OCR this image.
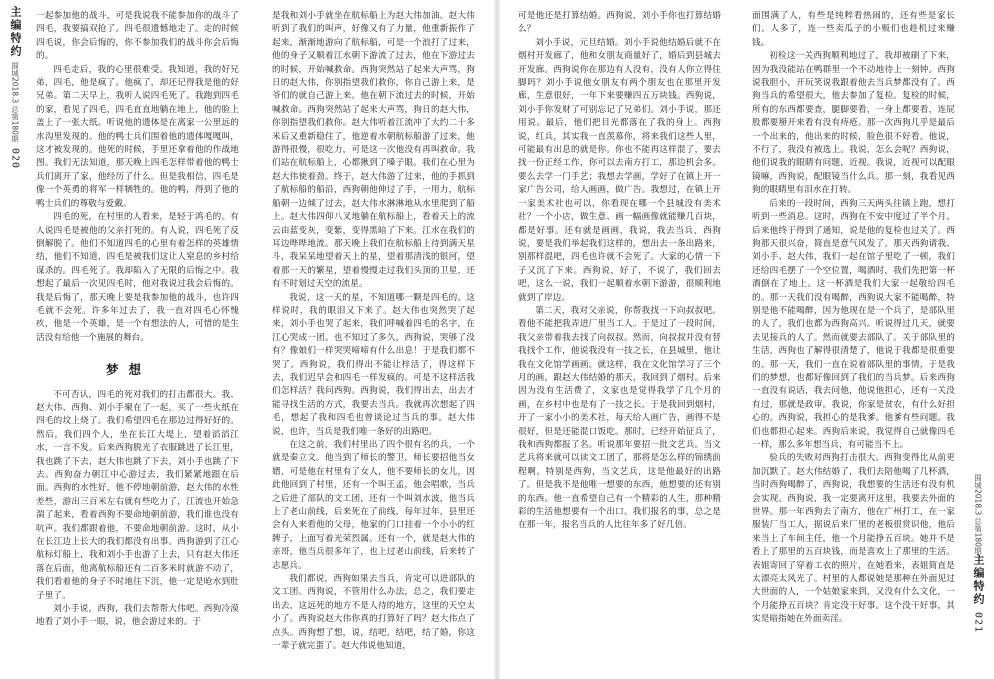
主编特约
围城2018.3 总第180期
020
围城2018.3 总第180期
主编特约
021

一起参加他的战斗，可是我说我不能参加你的战斗了四毛，我要搞双抢了。四毛很遗憾地走了。走的时候四毛说，你会后悔的，你不参加我们的战斗你会后悔的。

四毛走后，我的心里很难受。我知道，我的好兄弟，四毛，他是疯了。他疯了，却还记得我是他的好兄弟。第二天早上，我听人说四毛死了。我跑到四毛的家，看见了四毛，四毛直直地躺在地上，他的脸上盖上了一张大纸。听说他的遗体是在离家一公里远的水沟里发现的。他的鸭士兵们围着他的遗体嘎嘎叫，这才被发现的。他死的时候，手里还拿着他的作战地图。我们无法知道，那天晚上四毛怎样带着他的鸭士兵们离开了家，他经历了什么。但是我相信，四毛是像一个英勇的将军一样牺牲的。他的鸭，得到了他的鸭士兵们的尊敬与爱戴。

四毛的死，在村里的人看来，是轻于鸿毛的。有人说四毛是被他的父亲打死的。有人说，四毛死了反倒解脱了。他们不知道四毛的心里有着怎样的英雄情结，他们不知道，四毛是被我们这让人窒息的乡村给谋杀的。四毛死了。我却陷入了无限的后悔之中。我想起了最后一次见四毛时，他对我说过我会后悔的。我是后悔了，那天晚上要是我参加他的战斗，也许四毛就不会死。许多年过去了，我一直对四毛心怀愧疚，他是一个英雄，是一个有想法的人，可惜的是生活没有给他一个施展的舞台。

梦想

不可否认，四毛的死对我们的打击都很大。我、赵大伟、西狗、刘小手聚在了一起，买了一些火纸在四毛的坟上烧了。我们希望四毛在那边过得好好的。然后，我们四个人，坐在长江大堤上，望着滔滔江水，一言不发。后来西狗脱光了衣服跳进了长江里，我也跳了下去，赵大伟也跳了下去，刘小手也跳了下去。西狗奋力朝江中心游过去，我们紧紧地跟在后面。西狗的水性好，他不停地朝前游，赵大伟的水性差些，游出三百米左右就有些吃力了，江流也开始急湍了起来，看着西狗不要命地朝前游，我们谁也没有吭声。我们都跟着他，不要命地朝前游。这时，从小在长江边上长大的我们都没有出事。西狗游到了江心航标灯船上，我和刘小手也游了上去，只有赵大伟还落在后面，他离航标船还有二百多米时就游不动了，我们看着他的身子不时地往下沉，他一定是呛水到肚子里了。

刘小手说，西狗，我们去帮帮大伟吧。西狗冷漠地看了刘小手一眼，说，他会游过来的。于

是我和刘小手就坐在航标船上为赵大伟加油。赵大伟听到了我们的叫声，好像又有了力量，他重新振作了起来，渐渐地游向了航标船，可是一个浪打了过来，他的身子又顺着江水朝下游流了过去，他在下游过去的时候，开始喊救命。西狗突然站了起来大声骂，狗日的赵大伟，你别指望我们救你，你自己游上来，是爷们的就自己游上来。他在朝下流过去的时候，开始喊救命。西狗突然站了起来大声骂，狗日的赵大伟，你别指望我们救你。赵大伟听着江流冲了大约二十多米后又重新稳住了，他逆着水朝航标船游了过来，他游得很慢，很吃力，可是这一次他没有再叫救命。我们站在航标船上，心都揪到了嗓子眼。我们在心里为赵大伟使着劲。终于，赵大伟游了过来，他的手抓到了航标船的船沿，西狗朝他伸过了手，一用力，航标船朝一边倾了过去，赵大伟水淋淋地从水里爬到了船上。赵大伟四仰八叉地躺在航标船上，看着天上的流云由蓝变灰，变紫，变得黑暗了下来。江水在我们的耳边哗哗地流。那天晚上我们在航标船上待到满天星斗，我呆呆地望着天上的星，望着那清浅的银河，望着那一天的繁星，望着慢慢走过我们头顶的卫星，还有不时划过天空的流星。

我说，这一天的星，不知道哪一颗是四毛的。这样说时，我的眼泪又下来了。赵大伟也突然哭了起来，刘小手也哭了起来，我们呼喊着四毛的名字，在江心哭成一团。也不知过了多久，西狗说，哭够了没有？像娘们一样哭哭啼啼有什么出息！于是我们都不哭了。西狗说，我们得出不能让梓活了，得这样下去，我们迟早会和四毛一样发疯的。可是不这样活我们怎样活？我问西狗。西狗说，我们得出去，出去才能寻找生活的方式，我要去当兵。我就再次想起了四毛，想起了我和四毛也曾谈论过当兵的事。赵大伟说，也许，当兵是我们唯一条好的出路吧。

在这之前，我们村里出了四个很有名的兵，一个就是秦立文。他当到了师长的警卫，师长要招他当女婿，可是他在村里有了女人，他不要师长的女儿，因此他回到了村里，还有一个叫王孟，他会唱歌，当兵之后进了部队的文工团，还有一个叫刘水波，他当兵上了老山前线，后来死在了前线，每年过年，县里还会有人来看他的父母，他家的门口挂着一个小小的红牌子，上面写着光荣烈属。还有一个，就是赵大伟的亲哥，他当兵很多年了，也上过老山前线，后来转了志愿兵。

我们都说，西狗如果去当兵，肯定可以进部队的文工团。西狗说，不管用什么办法，总之，我们要走出去，这远死的地方不是人待的地方，这里的天空太小了。西狗说赵大伟你真的打算好了吗？赵大伟点了点头。西狗想了想，说，结吧，结吧，结了婚，你这一辈子就完蛋了。赵大伟说他知道，

可是他还是打算结婚。西狗说，刘小手你也打算结婚么？

刘小手说，元旦结婚。刘小手说他结婚后就不在烟村开发廊了，他和女朋友商量好了，婚后到县城去开发廊。西狗说你在那边有人没有，没有人你立得住脚吗？刘小手说他女朋友有两个朋友也在那里开发廊，生意很好，一年下来要赚四五万块钱。西狗说，刘小手你发财了可别忘记了兄弟们。刘小手说，那还用说。最后，他们把目光都落在了我的身上。西狗说，红兵，其实我一直羡慕你，将来我们这些人里，可能最有出息的就是你。你也不能再这样混了，要去找一份正经工作，你可以去南方打工，那边机会多。要么去学一门手艺；我想去学画，学好了在镇上开一家广告公司，给人画画，做广告。我想过，在镇上开一家美术社也可以，你看现在哪一个县城没有美术社？一个小店，做生意、画一幅画像就能赚几百块，都是好事。还有就是画画，我说，我去当兵，西狗说，要是我们举起我们这样的，想出去一条出路来，别那样混吧，四毛也许就不会死了。大家的心情一下子又沉了下来。西狗说，好了，不说了，我们回去吧，这么一说，我们一起顺着水朝下游游，很顺利地就到了岸边。

第二天，我对父亲说，你帮我找一下向叔叔吧。看他不能把我弄进厂里当工人。于是过了一段时间，我父亲带着我去找了向叔叔。然而，向叔叔并没有替我找个工作，他说我没有一技之长，在县城里，他让我在文化馆学画画。就这样，我在文化馆学习了三个月的画，跟赵大伟结婚的那天，我回到了烟村。后来因为没有生活费了，文家也是觉得我学了几个月的画，在乡村中也是有了一技之长。于是我回到烟村，开了一家小小的美术社，每天给人画广告，画得不是很好，但是还能混口饭吃。那时，已经开始征兵了，我和西狗都报了名。听说那年要招一批文艺兵。当文艺兵将来就可以读文工团了，那将是怎么样的锦绣前程啊。特别是西狗，当文艺兵，这是他最好的出路了。但是我不是他唯一想要的东西，他想要的还有别的东西。他一直希望自己有一个精彩的人生，那种精彩的生活他想要有一个出口。我们报名的事，总之是在那一年，报名当兵的人比往年多了好几倍。

面围满了人，有些是纯粹看热闹的，还有些是家长们。人多了，连一些卖瓜子的小贩们也趁机过来赚钱。

初检这一关西狗顺利地过了，我却被刷了下来，因为我没能站在鸭群里一个不动地待上一刻钟。西狗说我胆小，开玩笑说我跟着他去当兵梦都没有了。西狗当兵的希望很大，他去参加了复检。复检的时候，所有的东西都要查，腿脚要看，一身上都要看，连屁股都要掰开来看有没有痔疮。那一次西狗几乎是最后一个出来的，他出来的时候，脸色很不好看。他说，不行了，我没有被选上。我说，怎么会呢？西狗说，他们说我的眼睛有问题，近视。我说，近视可以配眼镜嘛，西狗说，配眼镜当什么兵。那一刻，我看见西狗的眼睛里有泪水在打转。

后来的一段时间，西狗三天两头往镇上跑，想打听到一些消息。这时，西狗在不安中度过了半个月。后来他终于得到了通知，说是他的复检也过关了。西狗那天很兴奋，简直是意气风发了。那天西狗请我、刘小手、赵大伟，我们一起在馆子里吃了一顿，我们还给四毛摆了一个空位置，喝酒时，我们先把第一杯酒倒在了地上。这一杯酒是我们大家一起敬给四毛的。那一天我们没有喝醉，西狗说大家不能喝醉，特别是他不能喝醉，因为他现在是一个兵了，是部队里的人了，我们也都为西狗高兴。听说得过几天，就要去见接兵的人了。然而就要去部队了。关于部队里的生活，西狗也了解得很清楚了，他说于我都是很重要的。那一天，我们一直在说着部队里的事情，于是我们的梦想，也都好像回到了我们的当兵梦。后来西狗一直没有说话，我去问他，他说他担心，还有一关没有过，那就是政审。我说，你家是贫农，有什么好担心的。西狗说，我担心的是我爹。他爹有些问题。我们也都担心起来。西狗后来说，我觉得自己就像四毛一样，那么多年想当兵，有可能当不上。

验兵的失败对西狗打击很大。西狗变得比从前更加沉默了。赵大伟结婚了，我们去陪他喝了几杯酒，当时西狗喝醉了，西狗说，我想要的生活还有没有机会实现。西狗说，我一定要离开这里，我要去外面的世界。那一年西狗去了南方，他在广州打工，在一家服装厂当工人，据说后来厂里的老板很赏识他，他后来当上了车间主任，他一个月能挣五百块。她并不是看上了那里的五百块钱，而是喜欢上了那里的生活。表姐寄回了穿着工衣的照片，在她看来，表姐简直是太漂亮太风光了。村里的人都说她是那种在外面见过大世面的人，一个姑娘家来到，又没有什么文化，一个月能挣五百块？肯定没干好事。这个没干好事，其实是暗指她在外面卖淫。
